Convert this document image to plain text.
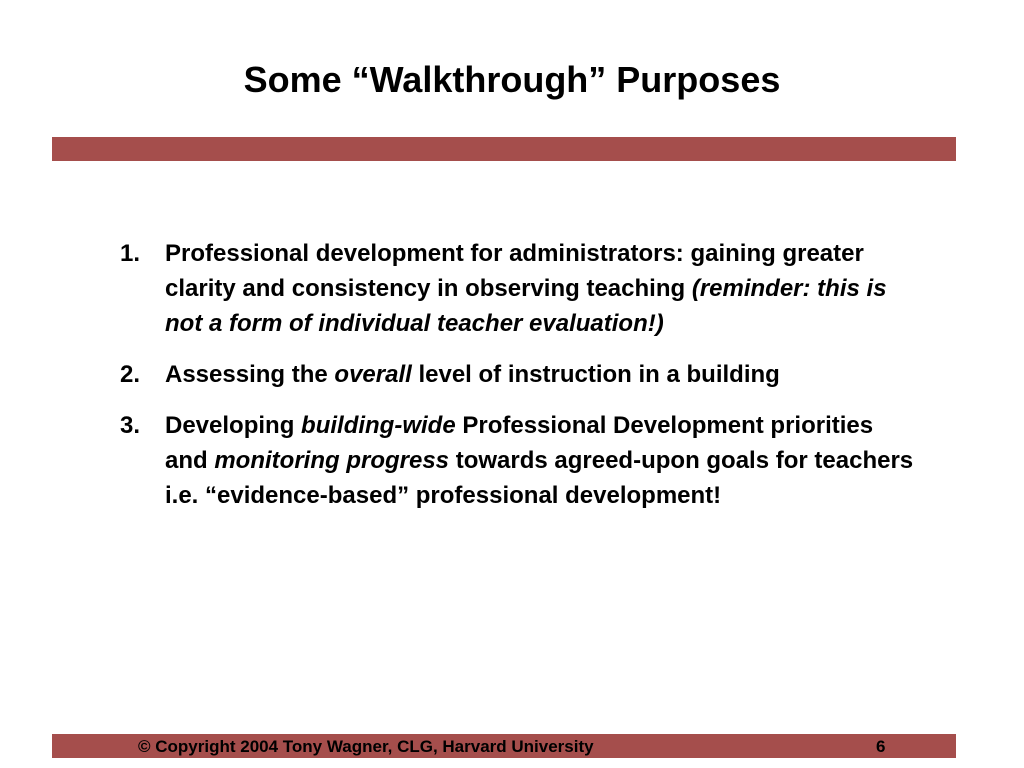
Some “Walkthrough” Purposes
1. Professional development for administrators: gaining greater clarity and consistency in observing teaching (reminder: this is not a form of individual teacher evaluation!)
2. Assessing the overall level of instruction in a building
3. Developing building-wide Professional Development priorities and monitoring progress towards agreed-upon goals for teachers i.e. “evidence-based” professional development!
© Copyright 2004 Tony Wagner, CLG, Harvard University	6
